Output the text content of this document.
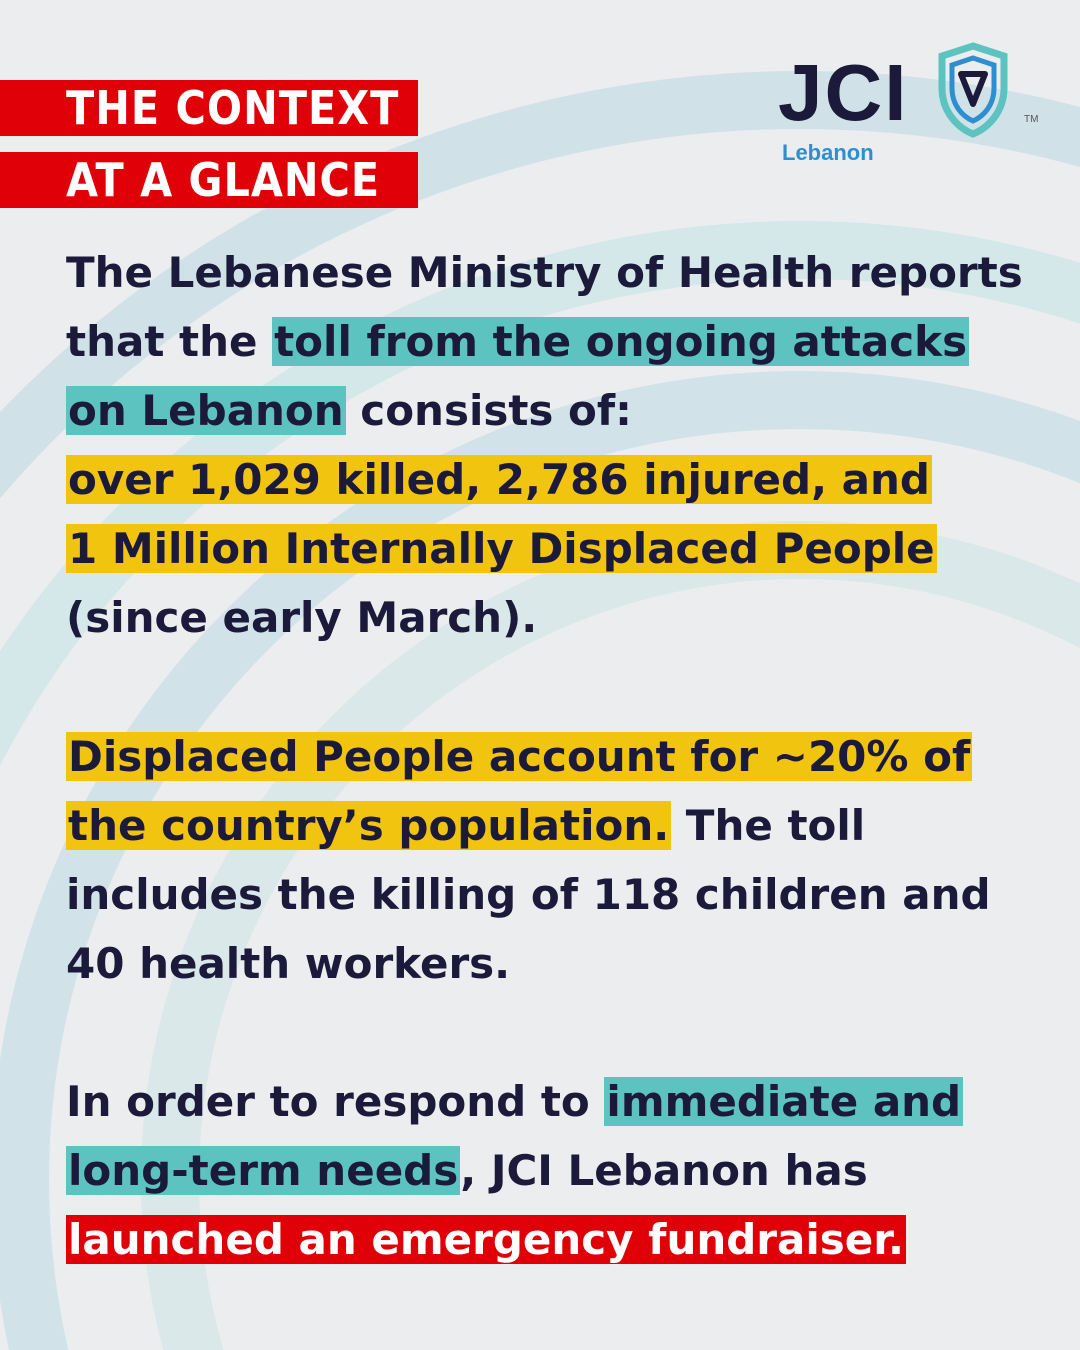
THE CONTEXT
AT A GLANCE
JCI
Lebanon
TM

The Lebanese Ministry of Health reports that the toll from the ongoing attacks on Lebanon consists of:
over 1,029 killed, 2,786 injured, and
1 Million Internally Displaced People
(since early March).

Displaced People account for ~20% of the country’s population. The toll includes the killing of 118 children and 40 health workers.

In order to respond to immediate and long-term needs, JCI Lebanon has
launched an emergency fundraiser.
